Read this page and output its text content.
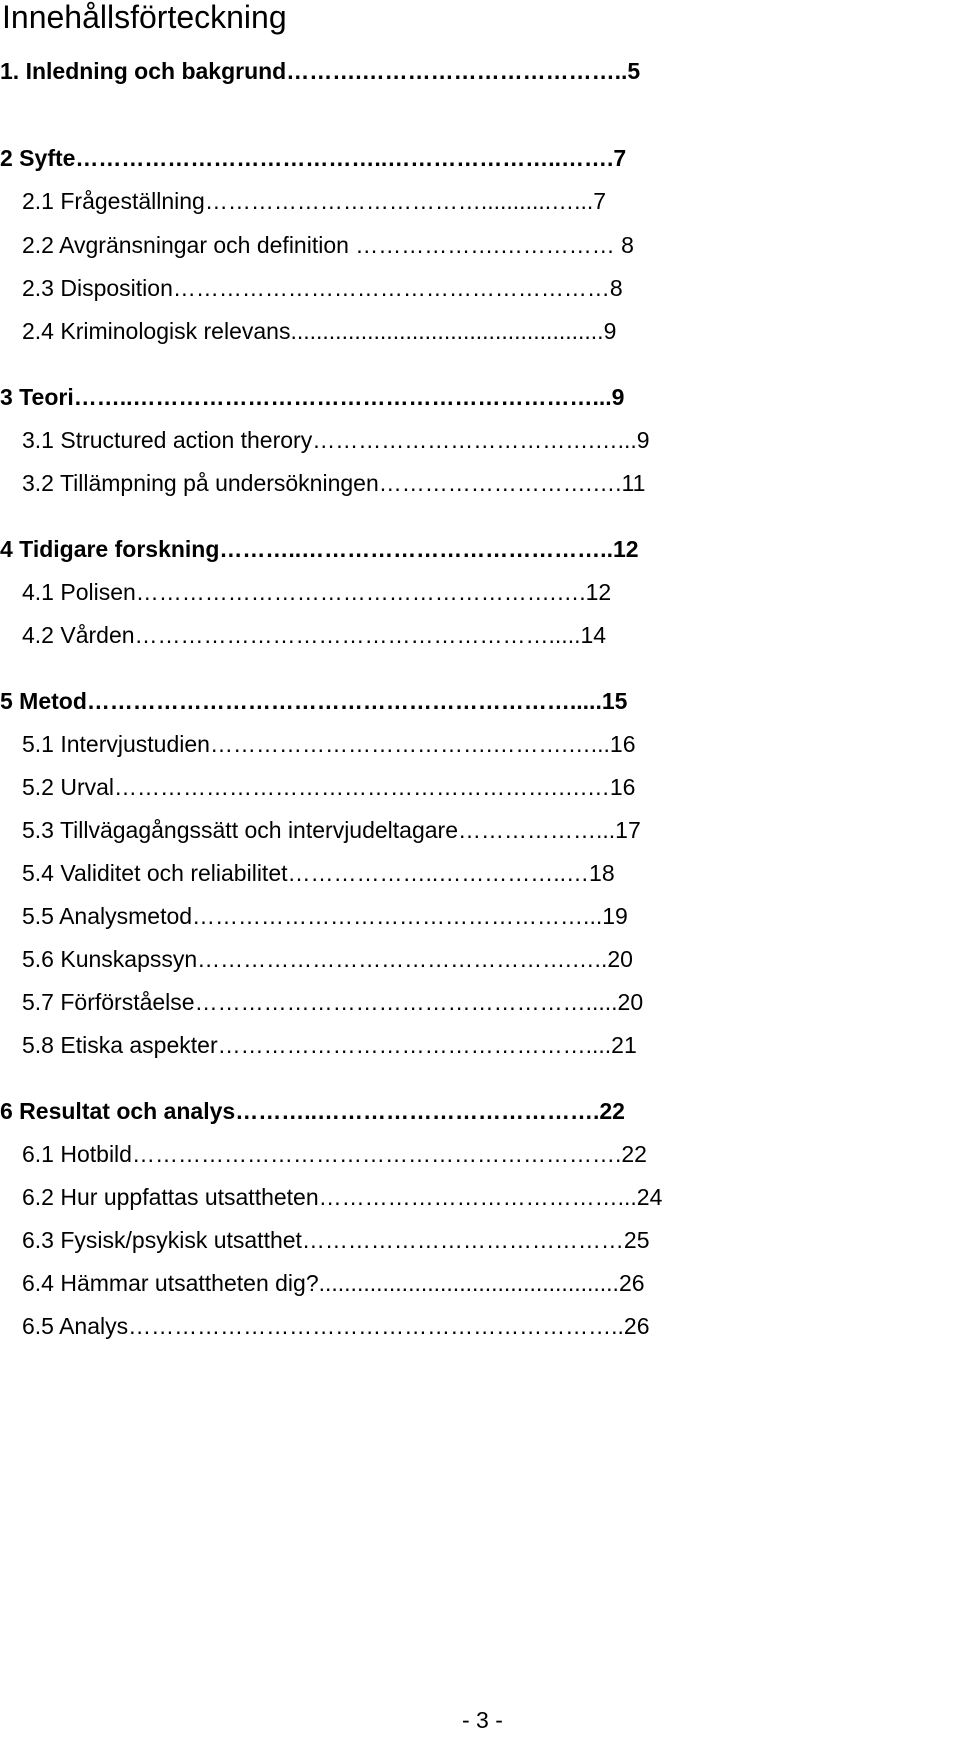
Innehållsförteckning
1. Inledning och bakgrund……….……………………………..5
2 Syfte…………………………………..…………………..…….7
2.1 Frågeställning………………………………...........…...7
2.2 Avgränsningar och definition ……………….…………… 8
2.3 Disposition…………………………………………………8
2.4 Kriminologisk relevans.................................................9
3 Teori……..……………………………………………………...9
3.1 Structured action therory……………………………….…...9
3.2 Tillämpning på undersökningen……………………….….11
4 Tidigare forskning………..…………………………………..12
4.1 Polisen……………………………………………….….12
4.2 Vården……………………………………………….....14
5 Metod……………………………………………………….....15
5.1 Intervjustudien……………………………….……….…...16
5.2 Urval………………………………………………….….…16
5.3 Tillvägagångssätt och intervjudeltagare………………...17
5.4 Validitet och reliabilitet………………..……………..…18
5.5 Analysmetod……………………………………………...19
5.6 Kunskapssyn………………………………………….…..20
5.7 Förförståelse…………………………………………….....20
5.8 Etiska aspekter…………………………………………....21
6 Resultat och analys………..……………………………….22
6.1 Hotbild……………………………………………………….22
6.2 Hur uppfattas utsattheten…………………………………...24
6.3 Fysisk/psykisk utsatthet……………………………………25
6.4 Hämmar utsattheten dig?...............................................26
6.5 Analys………………………………………………………..26
- 3 -
